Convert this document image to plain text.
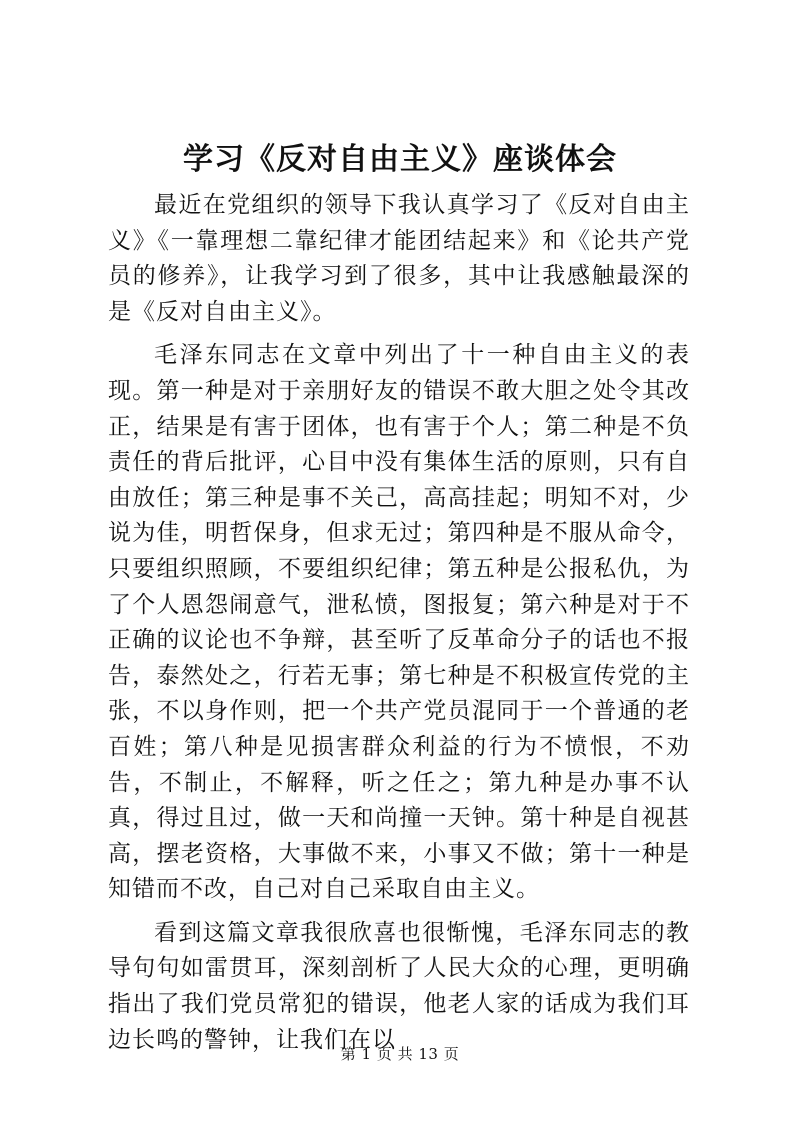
学习《反对自由主义》座谈体会

最近在党组织的领导下我认真学习了《反对自由主义》《一靠理想二靠纪律才能团结起来》和《论共产党员的修养》，让我学习到了很多，其中让我感触最深的是《反对自由主义》。

毛泽东同志在文章中列出了十一种自由主义的表现。第一种是对于亲朋好友的错误不敢大胆之处令其改正，结果是有害于团体，也有害于个人；第二种是不负责任的背后批评，心目中没有集体生活的原则，只有自由放任；第三种是事不关己，高高挂起；明知不对，少说为佳，明哲保身，但求无过；第四种是不服从命令，只要组织照顾，不要组织纪律；第五种是公报私仇，为了个人恩怨闹意气，泄私愤，图报复；第六种是对于不正确的议论也不争辩，甚至听了反革命分子的话也不报告，泰然处之，行若无事；第七种是不积极宣传党的主张，不以身作则，把一个共产党员混同于一个普通的老百姓；第八种是见损害群众利益的行为不愤恨，不劝告，不制止，不解释，听之任之；第九种是办事不认真，得过且过，做一天和尚撞一天钟。第十种是自视甚高，摆老资格，大事做不来，小事又不做；第十一种是知错而不改，自己对自己采取自由主义。

看到这篇文章我很欣喜也很惭愧，毛泽东同志的教导句句如雷贯耳，深刻剖析了人民大众的心理，更明确指出了我们党员常犯的错误，他老人家的话成为我们耳边长鸣的警钟，让我们在以

第 1 页 共 13 页
